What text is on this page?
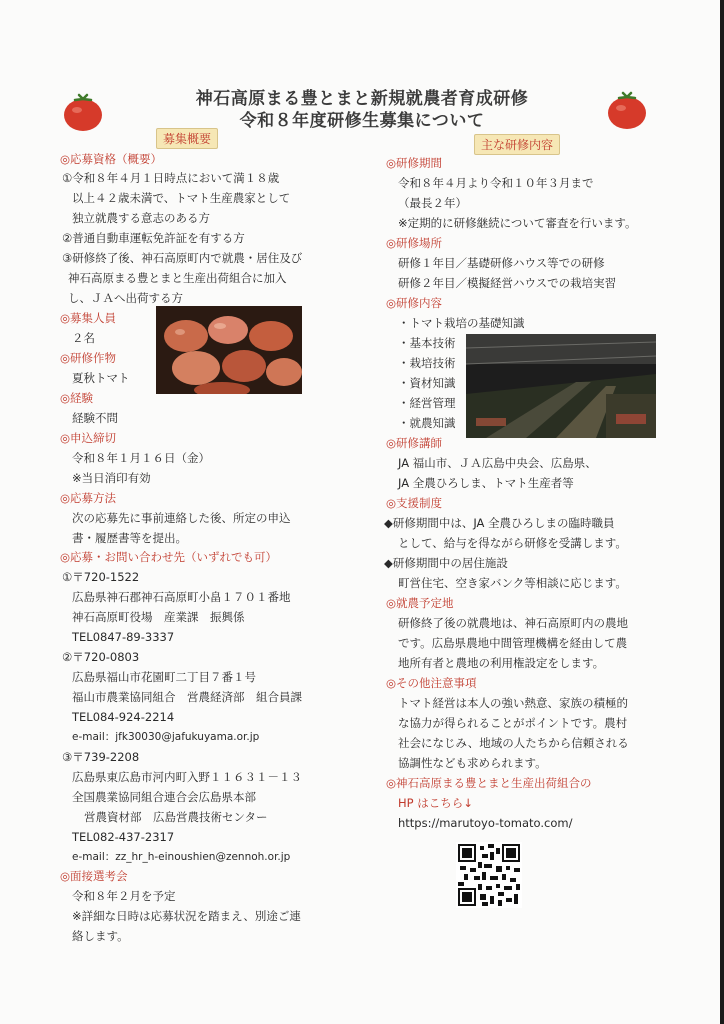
神石高原まる豊とまと新規就農者育成研修
令和８年度研修生募集について
募集概要	主な研修内容
◎応募資格（概要）
①令和８年４月１日時点において満１８歳
以上４２歳未満で、トマト生産農家として
独立就農する意志のある方
②普通自動車運転免許証を有する方
③研修終了後、神石高原町内で就農・居住及び
神石高原まる豊とまと生産出荷組合に加入
し、ＪＡへ出荷する方
◎募集人員
２名
◎研修作物
夏秋トマト
◎経験
経験不問
◎申込締切
令和８年１月１６日（金）
※当日消印有効
◎応募方法
次の応募先に事前連絡した後、所定の申込
書・履歴書等を提出。
◎応募・お問い合わせ先（いずれでも可）
①〒720-1522
広島県神石郡神石高原町小畠１７０１番地
神石高原町役場　産業課　振興係
TEL0847-89-3337
②〒720-0803
広島県福山市花園町二丁目７番１号
福山市農業協同組合　営農経済部　組合員課
TEL084-924-2214
e-mail：jfk30030@jafukuyama.or.jp
③〒739-2208
広島県東広島市河内町入野１１６３１－１３
全国農業協同組合連合会広島県本部
営農資材部　広島営農技術センター
TEL082-437-2317
e-mail：zz_hr_h-einoushien@zennoh.or.jp
◎面接選考会
令和８年２月を予定
※詳細な日時は応募状況を踏まえ、別途ご連
絡します。
◎研修期間
令和８年４月より令和１０年３月まで
（最長２年）
※定期的に研修継続について審査を行います。
◎研修場所
研修１年目／基礎研修ハウス等での研修
研修２年目／模擬経営ハウスでの栽培実習
◎研修内容
・トマト栽培の基礎知識
・基本技術
・栽培技術
・資材知識
・経営管理
・就農知識
◎研修講師
JA 福山市、ＪＡ広島中央会、広島県、
JA 全農ひろしま、トマト生産者等
◎支援制度
◆研修期間中は、JA 全農ひろしまの臨時職員
として、給与を得ながら研修を受講します。
◆研修期間中の居住施設
町営住宅、空き家バンク等相談に応じます。
◎就農予定地
研修終了後の就農地は、神石高原町内の農地
です。広島県農地中間管理機構を経由して農
地所有者と農地の利用権設定をします。
◎その他注意事項
トマト経営は本人の強い熱意、家族の積極的
な協力が得られることがポイントです。農村
社会になじみ、地域の人たちから信頼される
協調性なども求められます。
◎神石高原まる豊とまと生産出荷組合の
HP はこちら↓
https://marutoyo-tomato.com/
